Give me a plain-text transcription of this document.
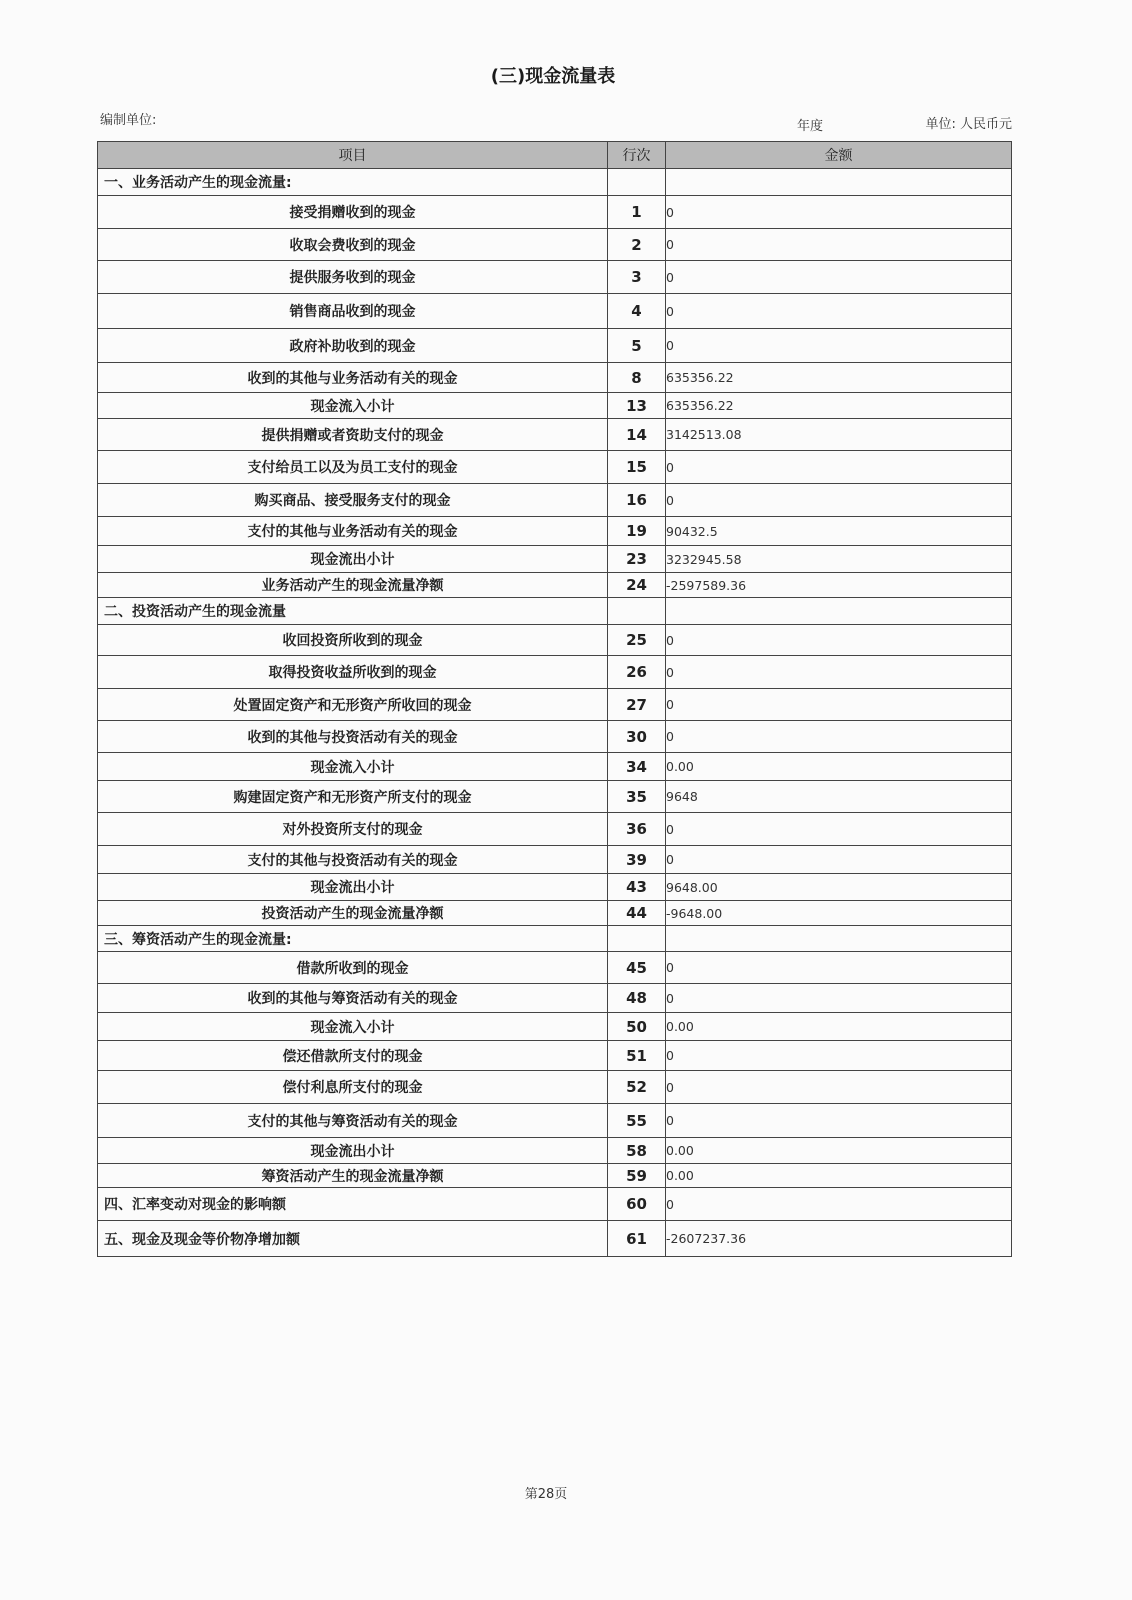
(三)现金流量表
编制单位:	年度	单位: 人民币元
项目	行次	金额
一、业务活动产生的现金流量:		
接受捐赠收到的现金	1	0
收取会费收到的现金	2	0
提供服务收到的现金	3	0
销售商品收到的现金	4	0
政府补助收到的现金	5	0
收到的其他与业务活动有关的现金	8	635356.22
现金流入小计	13	635356.22
提供捐赠或者资助支付的现金	14	3142513.08
支付给员工以及为员工支付的现金	15	0
购买商品、接受服务支付的现金	16	0
支付的其他与业务活动有关的现金	19	90432.5
现金流出小计	23	3232945.58
业务活动产生的现金流量净额	24	-2597589.36
二、投资活动产生的现金流量		
收回投资所收到的现金	25	0
取得投资收益所收到的现金	26	0
处置固定资产和无形资产所收回的现金	27	0
收到的其他与投资活动有关的现金	30	0
现金流入小计	34	0.00
购建固定资产和无形资产所支付的现金	35	9648
对外投资所支付的现金	36	0
支付的其他与投资活动有关的现金	39	0
现金流出小计	43	9648.00
投资活动产生的现金流量净额	44	-9648.00
三、筹资活动产生的现金流量:		
借款所收到的现金	45	0
收到的其他与筹资活动有关的现金	48	0
现金流入小计	50	0.00
偿还借款所支付的现金	51	0
偿付利息所支付的现金	52	0
支付的其他与筹资活动有关的现金	55	0
现金流出小计	58	0.00
筹资活动产生的现金流量净额	59	0.00
四、汇率变动对现金的影响额	60	0
五、现金及现金等价物净增加额	61	-2607237.36
第28页
